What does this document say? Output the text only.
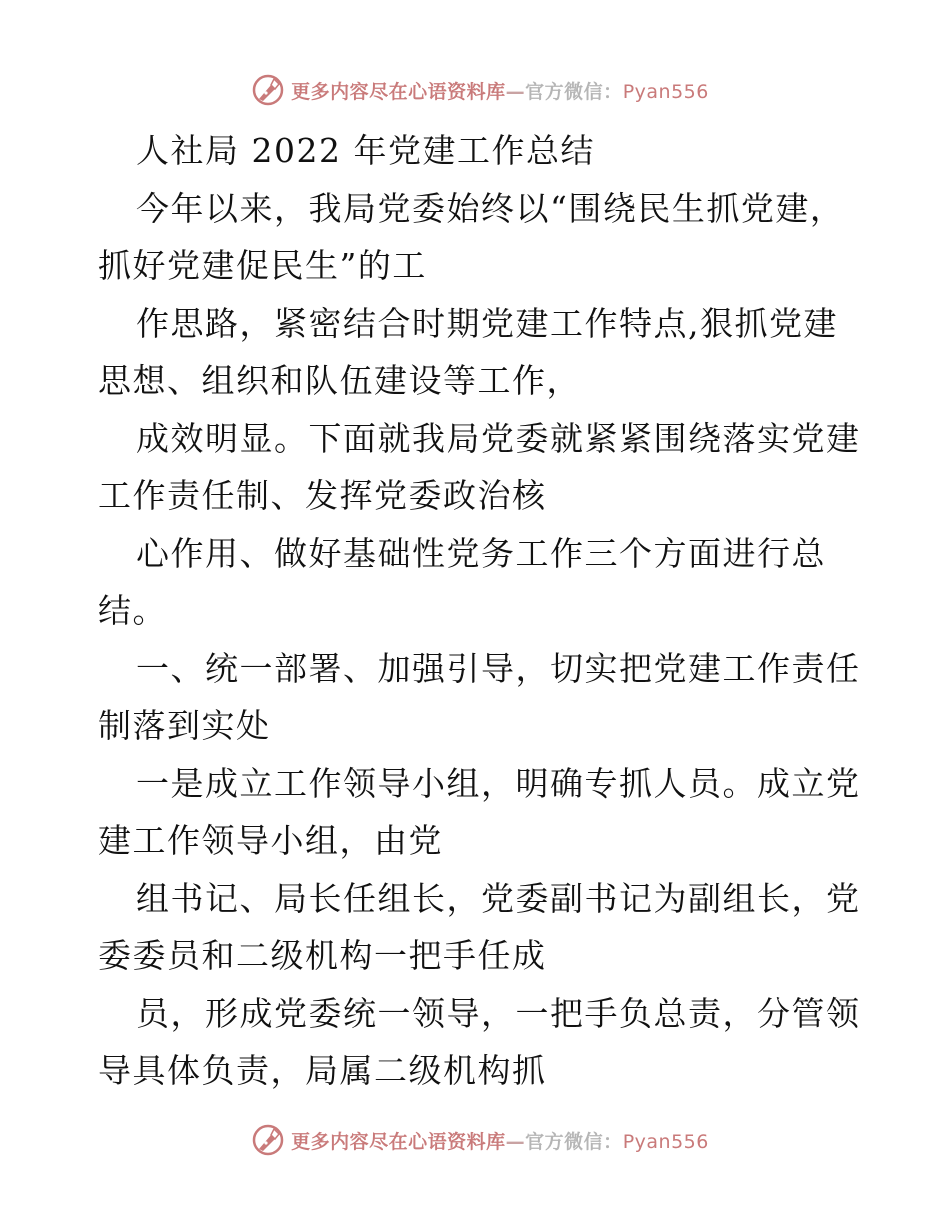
更多内容尽在心语资料库—官方微信：Pyan556
人社局 2022 年党建工作总结
今年以来，我局党委始终以“围绕民生抓党建，
抓好党建促民生”的工
作思路，紧密结合时期党建工作特点,狠抓党建
思想、组织和队伍建设等工作，
成效明显。下面就我局党委就紧紧围绕落实党建
工作责任制、发挥党委政治核
心作用、做好基础性党务工作三个方面进行总
结。
一、统一部署、加强引导，切实把党建工作责任
制落到实处
一是成立工作领导小组，明确专抓人员。成立党
建工作领导小组，由党
组书记、局长任组长，党委副书记为副组长，党
委委员和二级机构一把手任成
员，形成党委统一领导，一把手负总责，分管领
导具体负责，局属二级机构抓
更多内容尽在心语资料库—官方微信：Pyan556
